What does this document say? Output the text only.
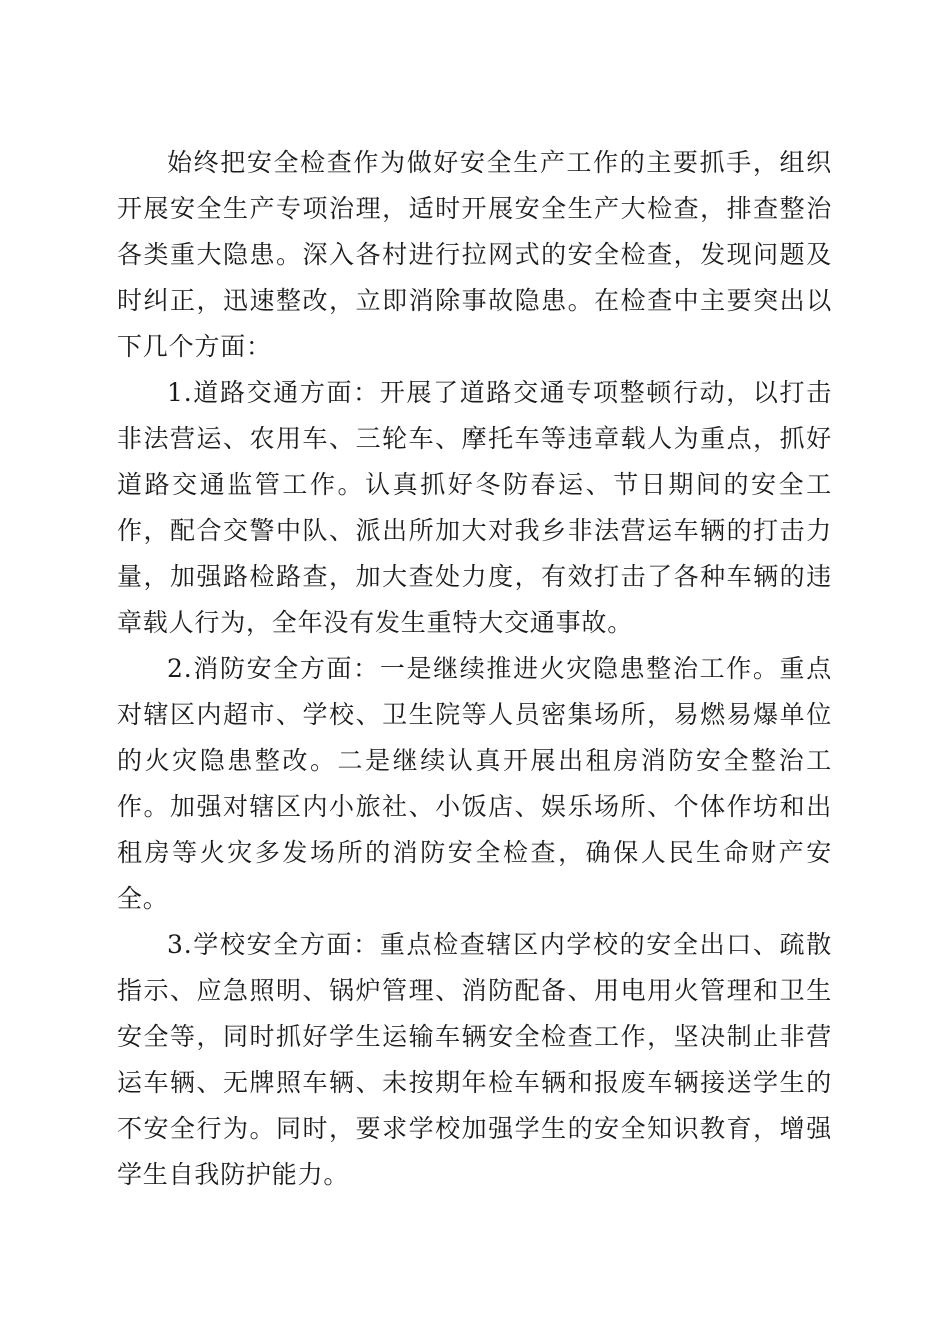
始终把安全检查作为做好安全生产工作的主要抓手，组织开展安全生产专项治理，适时开展安全生产大检查，排查整治各类重大隐患。深入各村进行拉网式的安全检查，发现问题及时纠正，迅速整改，立即消除事故隐患。在检查中主要突出以下几个方面：

1.道路交通方面：开展了道路交通专项整顿行动，以打击非法营运、农用车、三轮车、摩托车等违章载人为重点，抓好道路交通监管工作。认真抓好冬防春运、节日期间的安全工作，配合交警中队、派出所加大对我乡非法营运车辆的打击力量，加强路检路查，加大查处力度，有效打击了各种车辆的违章载人行为，全年没有发生重特大交通事故。

2.消防安全方面：一是继续推进火灾隐患整治工作。重点对辖区内超市、学校、卫生院等人员密集场所，易燃易爆单位的火灾隐患整改。二是继续认真开展出租房消防安全整治工作。加强对辖区内小旅社、小饭店、娱乐场所、个体作坊和出租房等火灾多发场所的消防安全检查，确保人民生命财产安全。

3.学校安全方面：重点检查辖区内学校的安全出口、疏散指示、应急照明、锅炉管理、消防配备、用电用火管理和卫生安全等，同时抓好学生运输车辆安全检查工作，坚决制止非营运车辆、无牌照车辆、未按期年检车辆和报废车辆接送学生的不安全行为。同时，要求学校加强学生的安全知识教育，增强学生自我防护能力。
